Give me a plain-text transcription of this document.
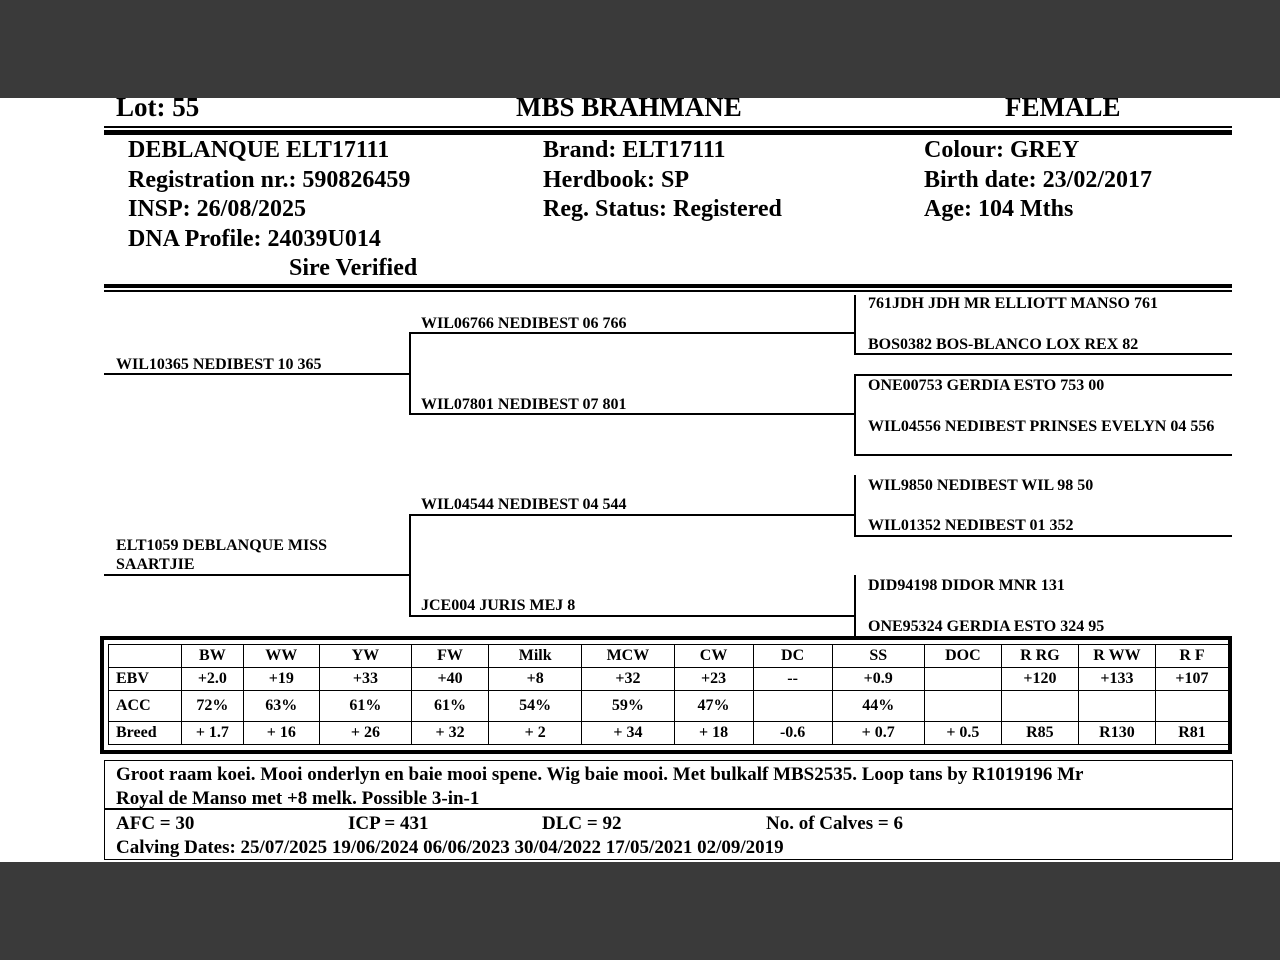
Lot: 55	MBS BRAHMANE	FEMALE
DEBLANQUE ELT17111
Registration nr.: 590826459
INSP: 26/08/2025
DNA Profile: 24039U014
Sire Verified
Brand: ELT17111
Herdbook: SP
Reg. Status: Registered
Colour: GREY
Birth date: 23/02/2017
Age: 104 Mths
WIL10365 NEDIBEST 10 365
ELT1059 DEBLANQUE MISS SAARTJIE
WIL06766 NEDIBEST 06 766
WIL07801 NEDIBEST 07 801
WIL04544 NEDIBEST 04 544
JCE004 JURIS MEJ 8
761JDH JDH MR ELLIOTT MANSO 761
BOS0382 BOS-BLANCO LOX REX 82
ONE00753 GERDIA ESTO 753 00
WIL04556 NEDIBEST PRINSES EVELYN 04 556
WIL9850 NEDIBEST WIL 98 50
WIL01352 NEDIBEST 01 352
DID94198 DIDOR MNR 131
ONE95324 GERDIA ESTO 324 95
	BW	WW	YW	FW	Milk	MCW	CW	DC	SS	DOC	R RG	R WW	R F
EBV	+2.0	+19	+33	+40	+8	+32	+23	--	+0.9		+120	+133	+107
ACC	72%	63%	61%	61%	54%	59%	47%		44%				
Breed	+ 1.7	+ 16	+ 26	+ 32	+ 2	+ 34	+ 18	-0.6	+ 0.7	+ 0.5	R85	R130	R81
Groot raam koei. Mooi onderlyn en baie mooi spene. Wig baie mooi. Met bulkalf MBS2535. Loop tans by R1019196 Mr
Royal de Manso met +8 melk. Possible 3-in-1
AFC = 30	ICP = 431	DLC = 92	No. of Calves = 6
Calving Dates: 25/07/2025 19/06/2024 06/06/2023 30/04/2022 17/05/2021 02/09/2019
